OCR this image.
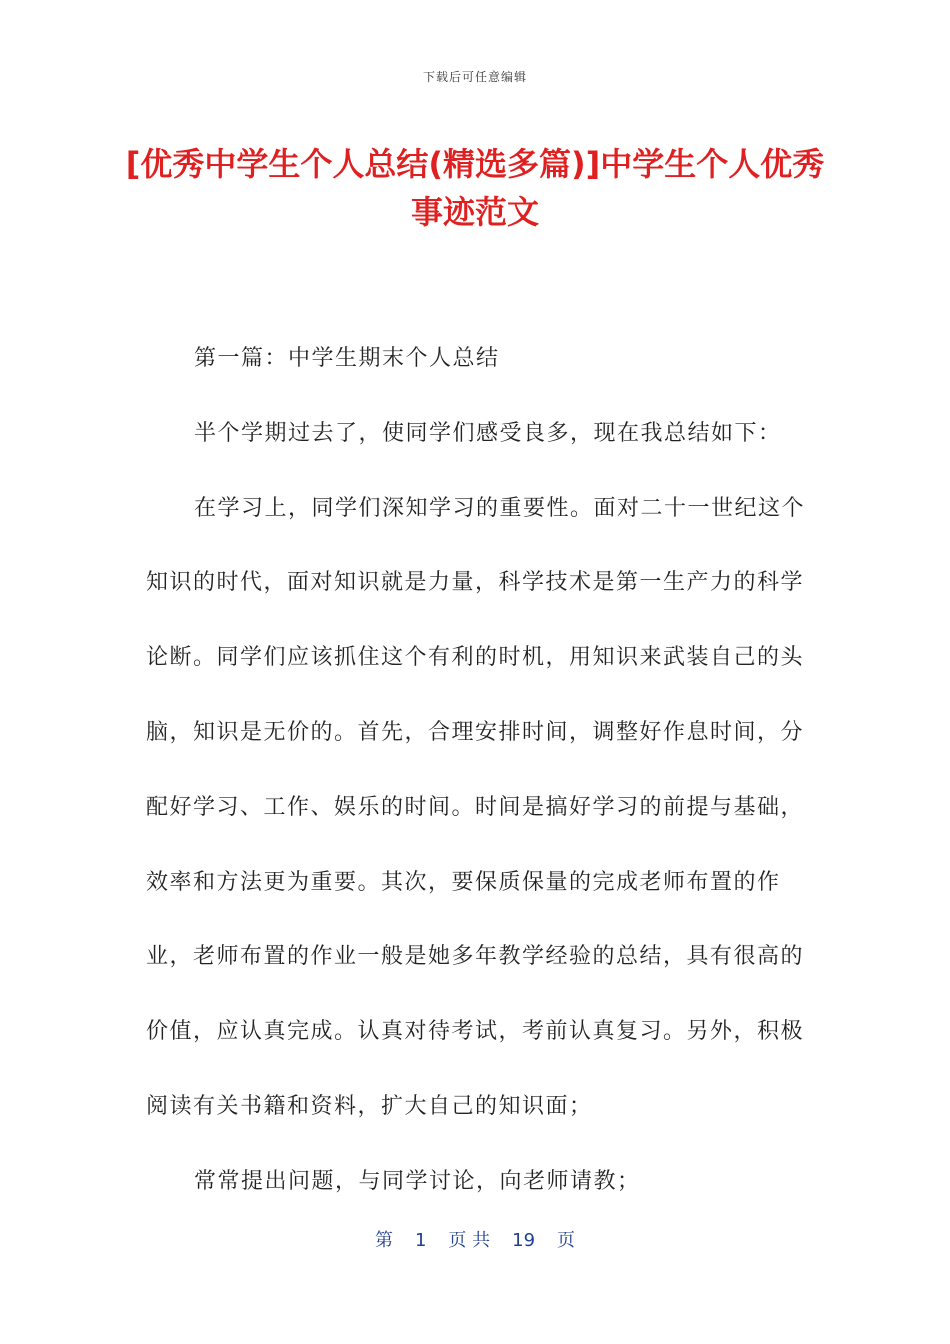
下载后可任意编辑
[优秀中学生个人总结(精选多篇)]中学生个人优秀事迹范文

第一篇：中学生期末个人总结

半个学期过去了，使同学们感受良多，现在我总结如下：

在学习上，同学们深知学习的重要性。面对二十一世纪这个知识的时代，面对知识就是力量，科学技术是第一生产力的科学论断。同学们应该抓住这个有利的时机，用知识来武装自己的头脑，知识是无价的。首先，合理安排时间，调整好作息时间，分配好学习、工作、娱乐的时间。时间是搞好学习的前提与基础，效率和方法更为重要。其次，要保质保量的完成老师布置的作业，老师布置的作业一般是她多年教学经验的总结，具有很高的价值，应认真完成。认真对待考试，考前认真复习。另外，积极阅读有关书籍和资料，扩大自己的知识面；

常常提出问题，与同学讨论，向老师请教；

第 1 页 共 19 页
